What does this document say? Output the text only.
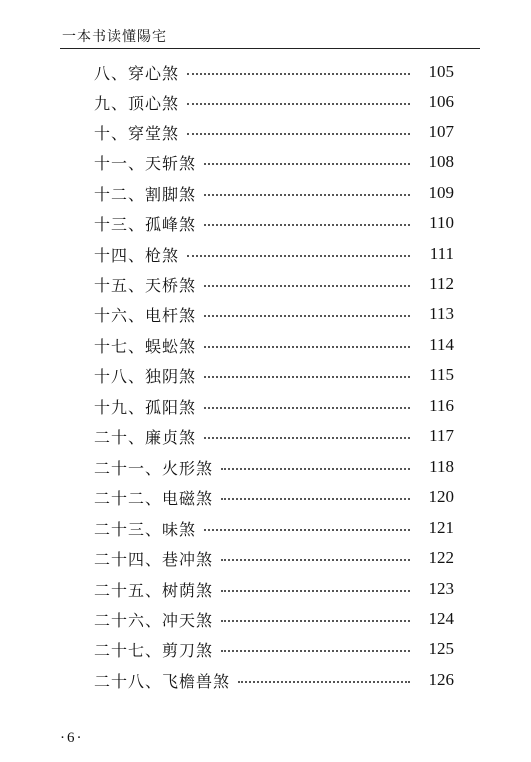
一本书读懂陽宅
八、穿心煞	105
九、顶心煞	106
十、穿堂煞	107
十一、天斩煞	108
十二、割脚煞	109
十三、孤峰煞	110
十四、枪煞	111
十五、天桥煞	112
十六、电杆煞	113
十七、蜈蚣煞	114
十八、独阴煞	115
十九、孤阳煞	116
二十、廉贞煞	117
二十一、火形煞	118
二十二、电磁煞	120
二十三、味煞	121
二十四、巷冲煞	122
二十五、树荫煞	123
二十六、冲天煞	124
二十七、剪刀煞	125
二十八、飞檐兽煞	126
·6·
